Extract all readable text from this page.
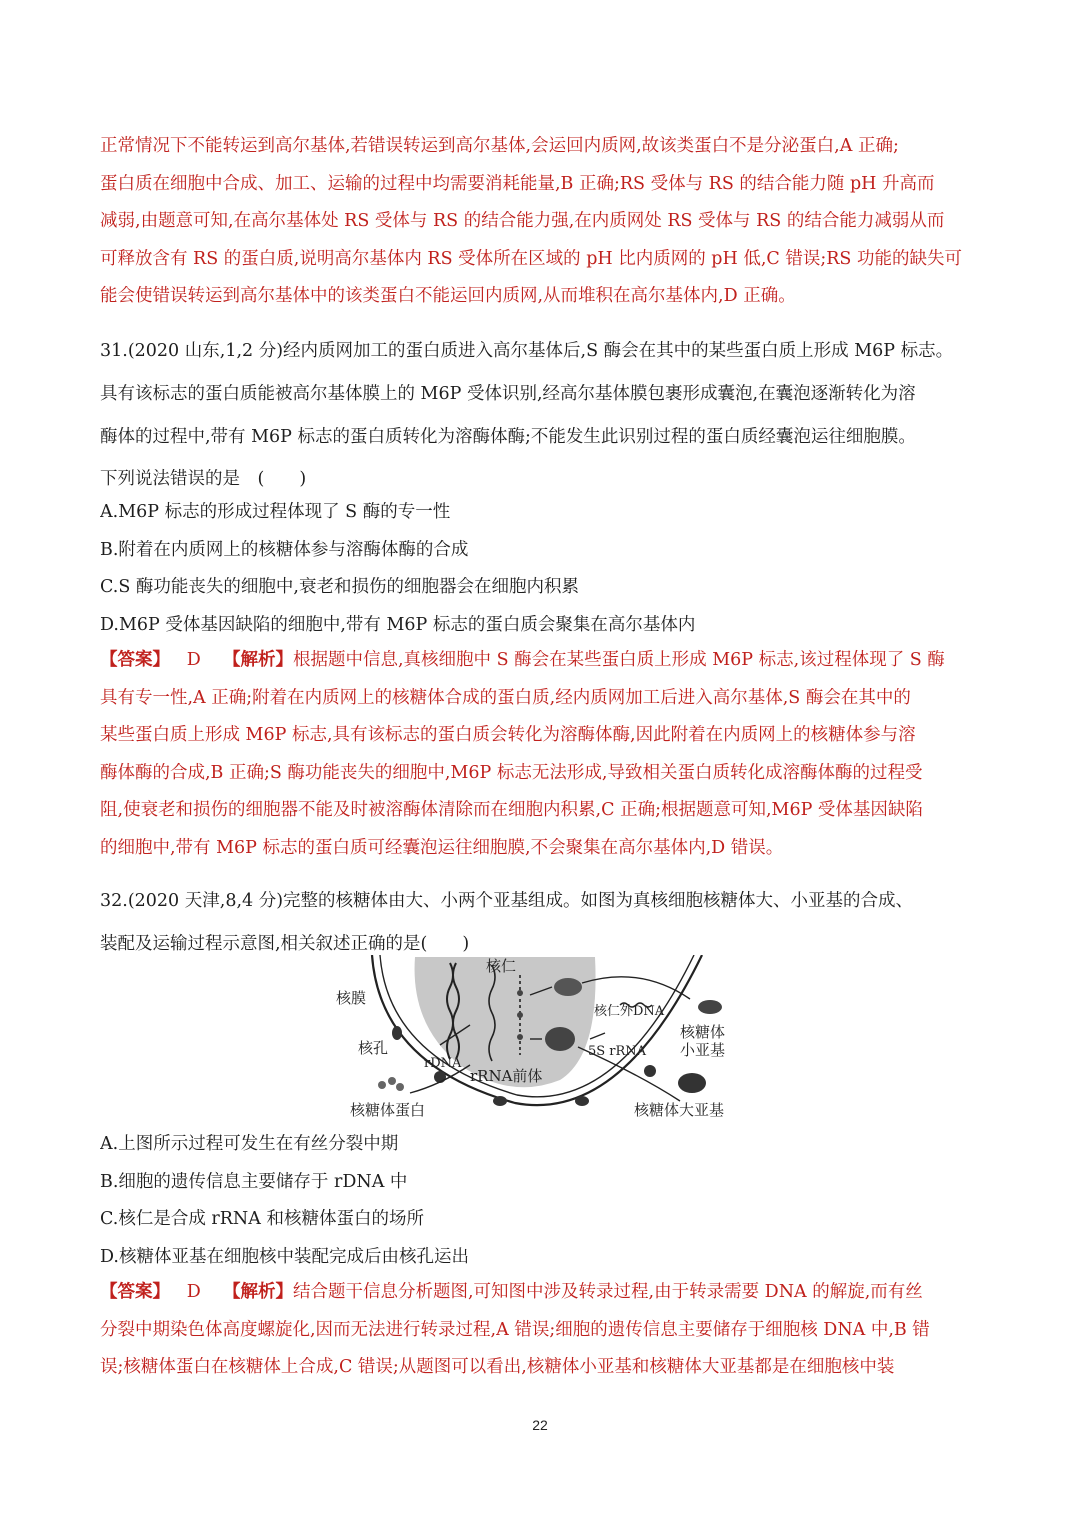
正常情况下不能转运到高尔基体,若错误转运到高尔基体,会运回内质网,故该类蛋白不是分泌蛋白,A 正确;
蛋白质在细胞中合成、加工、运输的过程中均需要消耗能量,B 正确;RS 受体与 RS 的结合能力随 pH 升高而
减弱,由题意可知,在高尔基体处 RS 受体与 RS 的结合能力强,在内质网处 RS 受体与 RS 的结合能力减弱从而
可释放含有 RS 的蛋白质,说明高尔基体内 RS 受体所在区域的 pH 比内质网的 pH 低,C 错误;RS 功能的缺失可
能会使错误转运到高尔基体中的该类蛋白不能运回内质网,从而堆积在高尔基体内,D 正确。
31.(2020 山东,1,2 分)经内质网加工的蛋白质进入高尔基体后,S 酶会在其中的某些蛋白质上形成 M6P 标志。
具有该标志的蛋白质能被高尔基体膜上的 M6P 受体识别,经高尔基体膜包裹形成囊泡,在囊泡逐渐转化为溶
酶体的过程中,带有 M6P 标志的蛋白质转化为溶酶体酶;不能发生此识别过程的蛋白质经囊泡运往细胞膜。
下列说法错误的是　(　　)
A.M6P 标志的形成过程体现了 S 酶的专一性
B.附着在内质网上的核糖体参与溶酶体酶的合成
C.S 酶功能丧失的细胞中,衰老和损伤的细胞器会在细胞内积累
D.M6P 受体基因缺陷的细胞中,带有 M6P 标志的蛋白质会聚集在高尔基体内
【答案】 D 【解析】根据题中信息,真核细胞中 S 酶会在某些蛋白质上形成 M6P 标志,该过程体现了 S 酶
具有专一性,A 正确;附着在内质网上的核糖体合成的蛋白质,经内质网加工后进入高尔基体,S 酶会在其中的
某些蛋白质上形成 M6P 标志,具有该标志的蛋白质会转化为溶酶体酶,因此附着在内质网上的核糖体参与溶
酶体酶的合成,B 正确;S 酶功能丧失的细胞中,M6P 标志无法形成,导致相关蛋白质转化成溶酶体酶的过程受
阻,使衰老和损伤的细胞器不能及时被溶酶体清除而在细胞内积累,C 正确;根据题意可知,M6P 受体基因缺陷
的细胞中,带有 M6P 标志的蛋白质可经囊泡运往细胞膜,不会聚集在高尔基体内,D 错误。
32.(2020 天津,8,4 分)完整的核糖体由大、小两个亚基组成。如图为真核细胞核糖体大、小亚基的合成、
装配及运输过程示意图,相关叙述正确的是(　　)
核仁
核膜
核孔
rDNA
rRNA前体
核糖体蛋白
核仁外DNA
5S rRNA
核糖体
小亚基
核糖体大亚基
A.上图所示过程可发生在有丝分裂中期
B.细胞的遗传信息主要储存于 rDNA 中
C.核仁是合成 rRNA 和核糖体蛋白的场所
D.核糖体亚基在细胞核中装配完成后由核孔运出
【答案】 D 【解析】结合题干信息分析题图,可知图中涉及转录过程,由于转录需要 DNA 的解旋,而有丝
分裂中期染色体高度螺旋化,因而无法进行转录过程,A 错误;细胞的遗传信息主要储存于细胞核 DNA 中,B 错
误;核糖体蛋白在核糖体上合成,C 错误;从题图可以看出,核糖体小亚基和核糖体大亚基都是在细胞核中装
22
